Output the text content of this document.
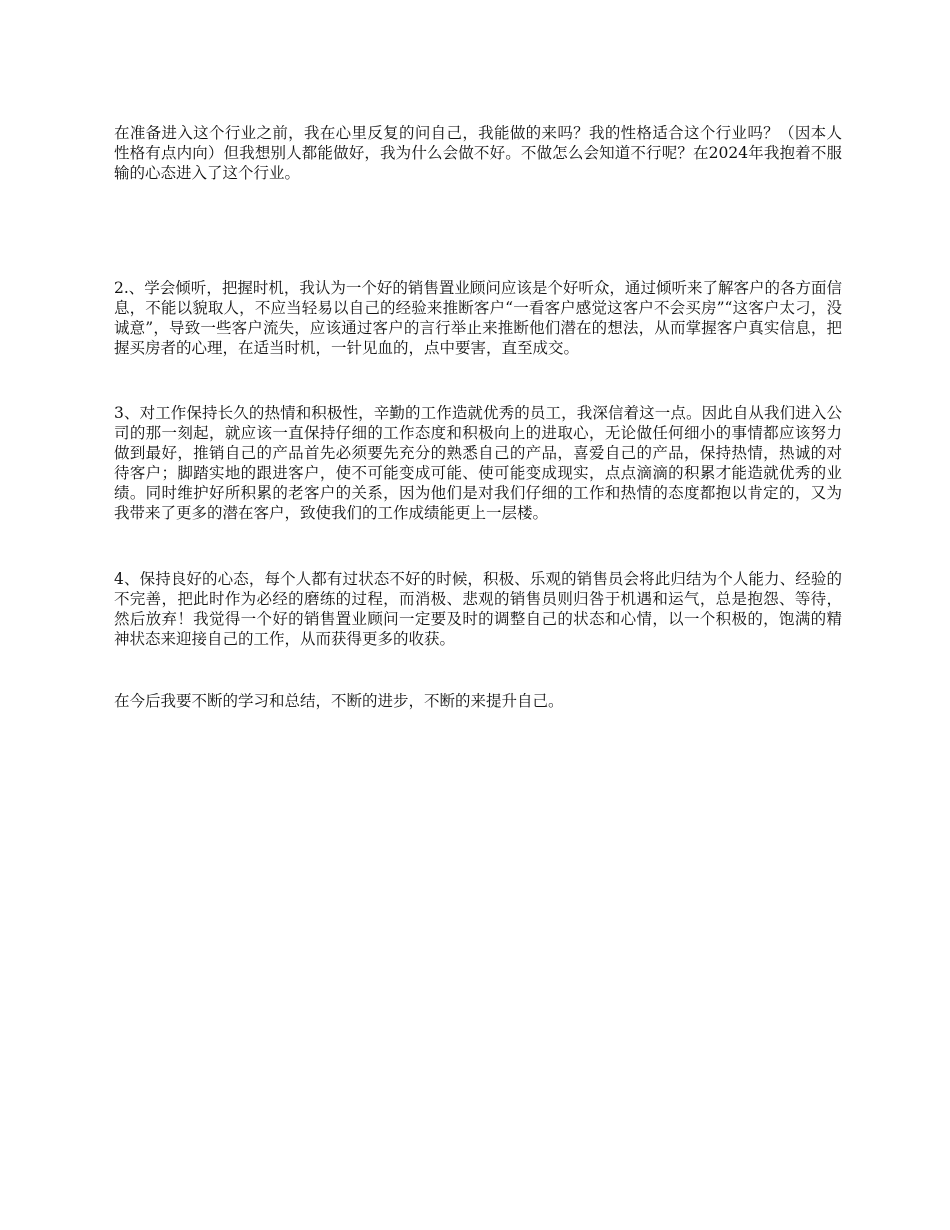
在准备进入这个行业之前，我在心里反复的问自己，我能做的来吗？我的性格适合这个行业吗？（因本人性格有点内向）但我想别人都能做好，我为什么会做不好。不做怎么会知道不行呢？在2024年我抱着不服输的心态进入了这个行业。

2.、学会倾听，把握时机，我认为一个好的销售置业顾问应该是个好听众，通过倾听来了解客户的各方面信息，不能以貌取人，不应当轻易以自己的经验来推断客户“一看客户感觉这客户不会买房”“这客户太刁，没诚意”，导致一些客户流失，应该通过客户的言行举止来推断他们潜在的想法，从而掌握客户真实信息，把握买房者的心理，在适当时机，一针见血的，点中要害，直至成交。

3、对工作保持长久的热情和积极性，辛勤的工作造就优秀的员工，我深信着这一点。因此自从我们进入公司的那一刻起，就应该一直保持仔细的工作态度和积极向上的进取心，无论做任何细小的事情都应该努力做到最好，推销自己的产品首先必须要先充分的熟悉自己的产品，喜爱自己的产品，保持热情，热诚的对待客户；脚踏实地的跟进客户，使不可能变成可能、使可能变成现实，点点滴滴的积累才能造就优秀的业绩。同时维护好所积累的老客户的关系，因为他们是对我们仔细的工作和热情的态度都抱以肯定的，又为我带来了更多的潜在客户，致使我们的工作成绩能更上一层楼。

4、保持良好的心态，每个人都有过状态不好的时候，积极、乐观的销售员会将此归结为个人能力、经验的不完善，把此时作为必经的磨练的过程，而消极、悲观的销售员则归咎于机遇和运气，总是抱怨、等待，然后放弃！我觉得一个好的销售置业顾问一定要及时的调整自己的状态和心情，以一个积极的，饱满的精神状态来迎接自己的工作，从而获得更多的收获。

在今后我要不断的学习和总结，不断的进步，不断的来提升自己。
